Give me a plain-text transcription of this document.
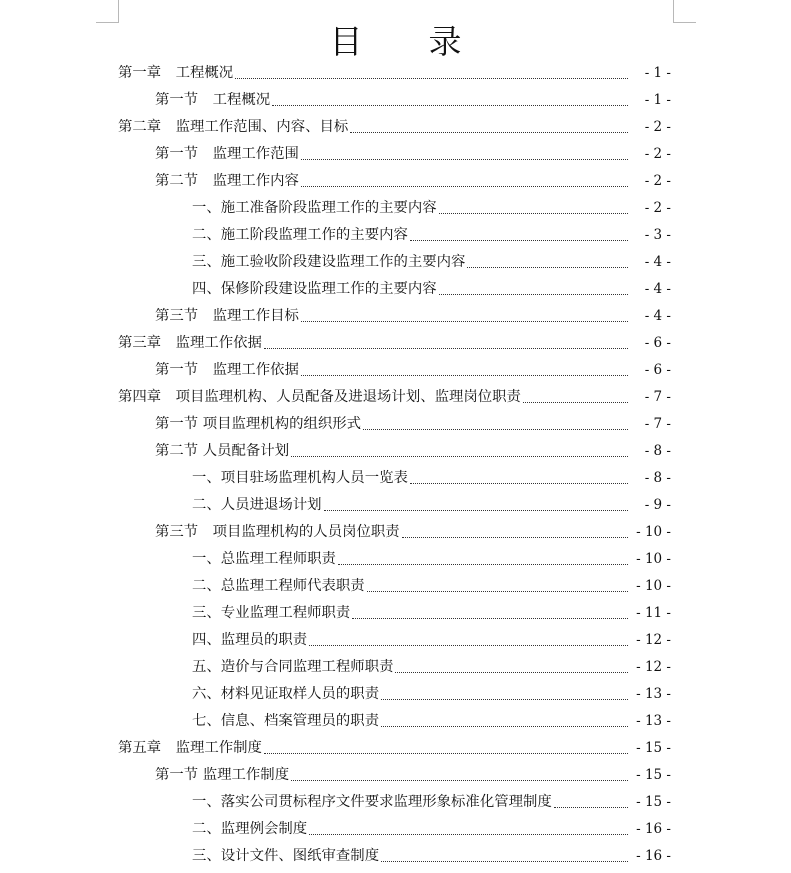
目　　录
第一章　工程概况	- 1 -
第一节　工程概况	- 1 -
第二章　监理工作范围、内容、目标	- 2 -
第一节　监理工作范围	- 2 -
第二节　监理工作内容	- 2 -
一、施工准备阶段监理工作的主要内容	- 2 -
二、施工阶段监理工作的主要内容	- 3 -
三、施工验收阶段建设监理工作的主要内容	- 4 -
四、保修阶段建设监理工作的主要内容	- 4 -
第三节　监理工作目标	- 4 -
第三章　监理工作依据	- 6 -
第一节　监理工作依据	- 6 -
第四章　项目监理机构、人员配备及进退场计划、监理岗位职责	- 7 -
第一节 项目监理机构的组织形式	- 7 -
第二节 人员配备计划	- 8 -
一、项目驻场监理机构人员一览表	- 8 -
二、人员进退场计划	- 9 -
第三节　项目监理机构的人员岗位职责	- 10 -
一、总监理工程师职责	- 10 -
二、总监理工程师代表职责	- 10 -
三、专业监理工程师职责	- 11 -
四、监理员的职责	- 12 -
五、造价与合同监理工程师职责	- 12 -
六、材料见证取样人员的职责	- 13 -
七、信息、档案管理员的职责	- 13 -
第五章　监理工作制度	- 15 -
第一节 监理工作制度	- 15 -
一、落实公司贯标程序文件要求监理形象标准化管理制度	- 15 -
二、监理例会制度	- 16 -
三、设计文件、图纸审查制度	- 16 -
